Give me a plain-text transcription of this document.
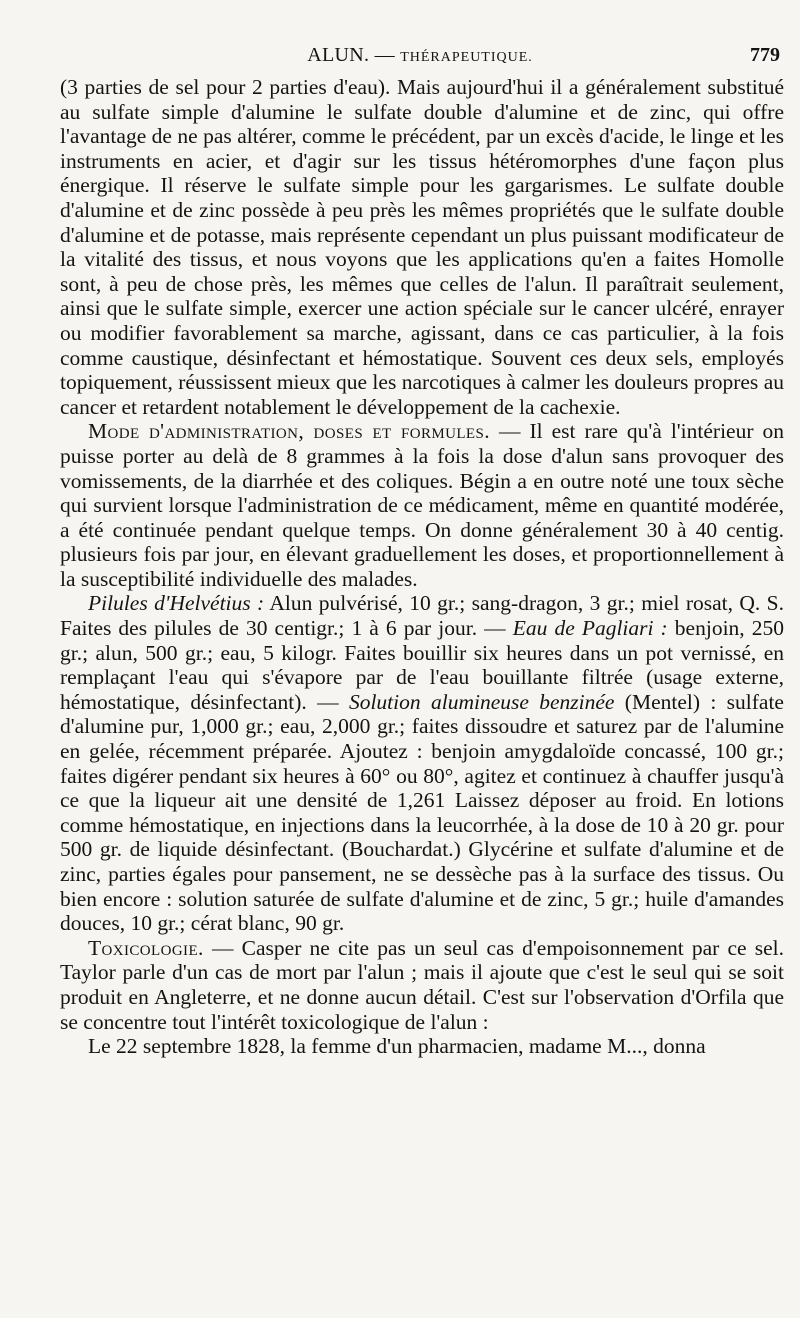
ALUN. — THÉRAPEUTIQUE.	779

(3 parties de sel pour 2 parties d'eau). Mais aujourd'hui il a généralement substitué au sulfate simple d'alumine le sulfate double d'alumine et de zinc, qui offre l'avantage de ne pas altérer, comme le précédent, par un excès d'acide, le linge et les instruments en acier, et d'agir sur les tissus hétéromorphes d'une façon plus énergique. Il réserve le sulfate simple pour les gargarismes. Le sulfate double d'alumine et de zinc possède à peu près les mêmes propriétés que le sulfate double d'alumine et de potasse, mais représente cependant un plus puissant modificateur de la vitalité des tissus, et nous voyons que les applications qu'en a faites Homolle sont, à peu de chose près, les mêmes que celles de l'alun. Il paraîtrait seulement, ainsi que le sulfate simple, exercer une action spéciale sur le cancer ulcéré, enrayer ou modifier favorablement sa marche, agissant, dans ce cas particulier, à la fois comme caustique, désinfectant et hémostatique. Souvent ces deux sels, employés topiquement, réussissent mieux que les narcotiques à calmer les douleurs propres au cancer et retardent notablement le développement de la cachexie.

Mode d'administration, doses et formules. — Il est rare qu'à l'intérieur on puisse porter au delà de 8 grammes à la fois la dose d'alun sans provoquer des vomissements, de la diarrhée et des coliques. Bégin a en outre noté une toux sèche qui survient lorsque l'administration de ce médicament, même en quantité modérée, a été continuée pendant quelque temps. On donne généralement 30 à 40 centig. plusieurs fois par jour, en élevant graduellement les doses, et proportionnellement à la susceptibilité individuelle des malades.

Pilules d'Helvétius : Alun pulvérisé, 10 gr.; sang-dragon, 3 gr.; miel rosat, Q. S. Faites des pilules de 30 centigr.; 1 à 6 par jour. — Eau de Pagliari : benjoin, 250 gr.; alun, 500 gr.; eau, 5 kilogr. Faites bouillir six heures dans un pot vernissé, en remplaçant l'eau qui s'évapore par de l'eau bouillante filtrée (usage externe, hémostatique, désinfectant). — Solution alumineuse benzinée (Mentel) : sulfate d'alumine pur, 1,000 gr.; eau, 2,000 gr.; faites dissoudre et saturez par de l'alumine en gelée, récemment préparée. Ajoutez : benjoin amygdaloïde concassé, 100 gr.; faites digérer pendant six heures à 60° ou 80°, agitez et continuez à chauffer jusqu'à ce que la liqueur ait une densité de 1,261 Laissez déposer au froid. En lotions comme hémostatique, en injections dans la leucorrhée, à la dose de 10 à 20 gr. pour 500 gr. de liquide désinfectant. (Bouchardat.) Glycérine et sulfate d'alumine et de zinc, parties égales pour pansement, ne se dessèche pas à la surface des tissus. Ou bien encore : solution saturée de sulfate d'alumine et de zinc, 5 gr.; huile d'amandes douces, 10 gr.; cérat blanc, 90 gr.

Toxicologie. — Casper ne cite pas un seul cas d'empoisonnement par ce sel. Taylor parle d'un cas de mort par l'alun ; mais il ajoute que c'est le seul qui se soit produit en Angleterre, et ne donne aucun détail. C'est sur l'observation d'Orfila que se concentre tout l'intérêt toxicologique de l'alun :

Le 22 septembre 1828, la femme d'un pharmacien, madame M..., donna
